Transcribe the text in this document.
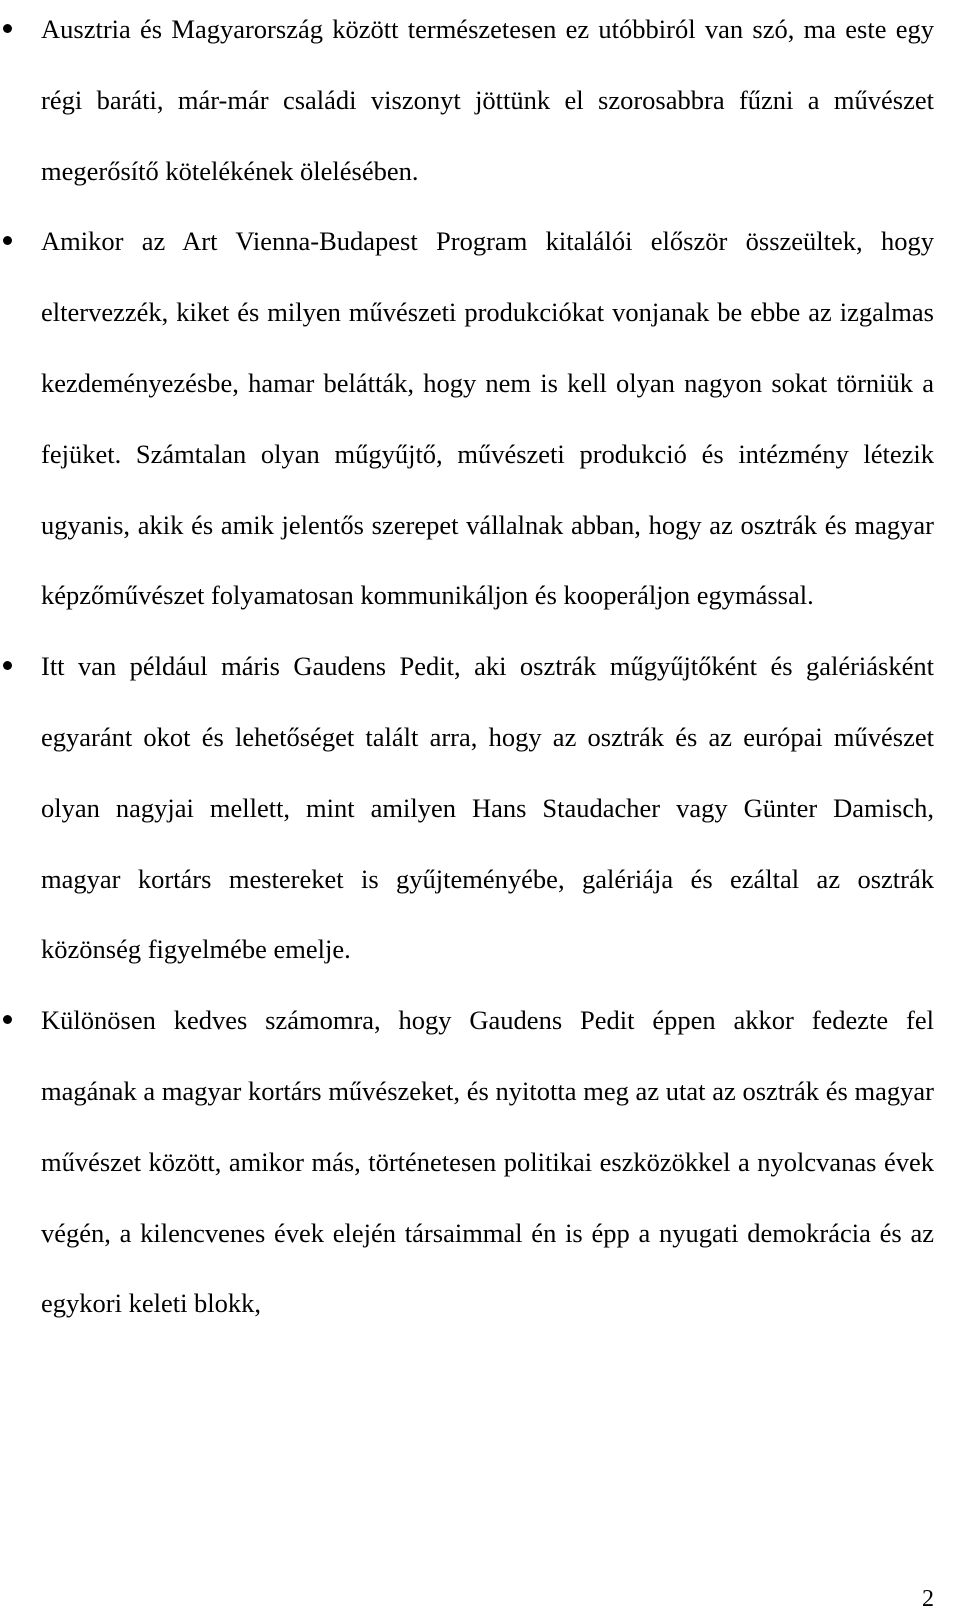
Ausztria és Magyarország között természetesen ez utóbbiról van szó, ma este egy régi baráti, már-már családi viszonyt jöttünk el szorosabbra fűzni a művészet megerősítő kötelékének ölelésében.

Amikor az Art Vienna-Budapest Program kitalálói először összeültek, hogy eltervezzék, kiket és milyen művészeti produkciókat vonjanak be ebbe az izgalmas kezdeményezésbe, hamar belátták, hogy nem is kell olyan nagyon sokat törniük a fejüket. Számtalan olyan műgyűjtő, művészeti produkció és intézmény létezik ugyanis, akik és amik jelentős szerepet vállalnak abban, hogy az osztrák és magyar képzőművészet folyamatosan kommunikáljon és kooperáljon egymással.

Itt van például máris Gaudens Pedit, aki osztrák műgyűjtőként és galériásként egyaránt okot és lehetőséget talált arra, hogy az osztrák és az európai művészet olyan nagyjai mellett, mint amilyen Hans Staudacher vagy Günter Damisch, magyar kortárs mestereket is gyűjteményébe, galériája és ezáltal az osztrák közönség figyelmébe emelje.

Különösen kedves számomra, hogy Gaudens Pedit éppen akkor fedezte fel magának a magyar kortárs művészeket, és nyitotta meg az utat az osztrák és magyar művészet között, amikor más, történetesen politikai eszközökkel a nyolcvanas évek végén, a kilencvenes évek elején társaimmal én is épp a nyugati demokrácia és az egykori keleti blokk,

2
